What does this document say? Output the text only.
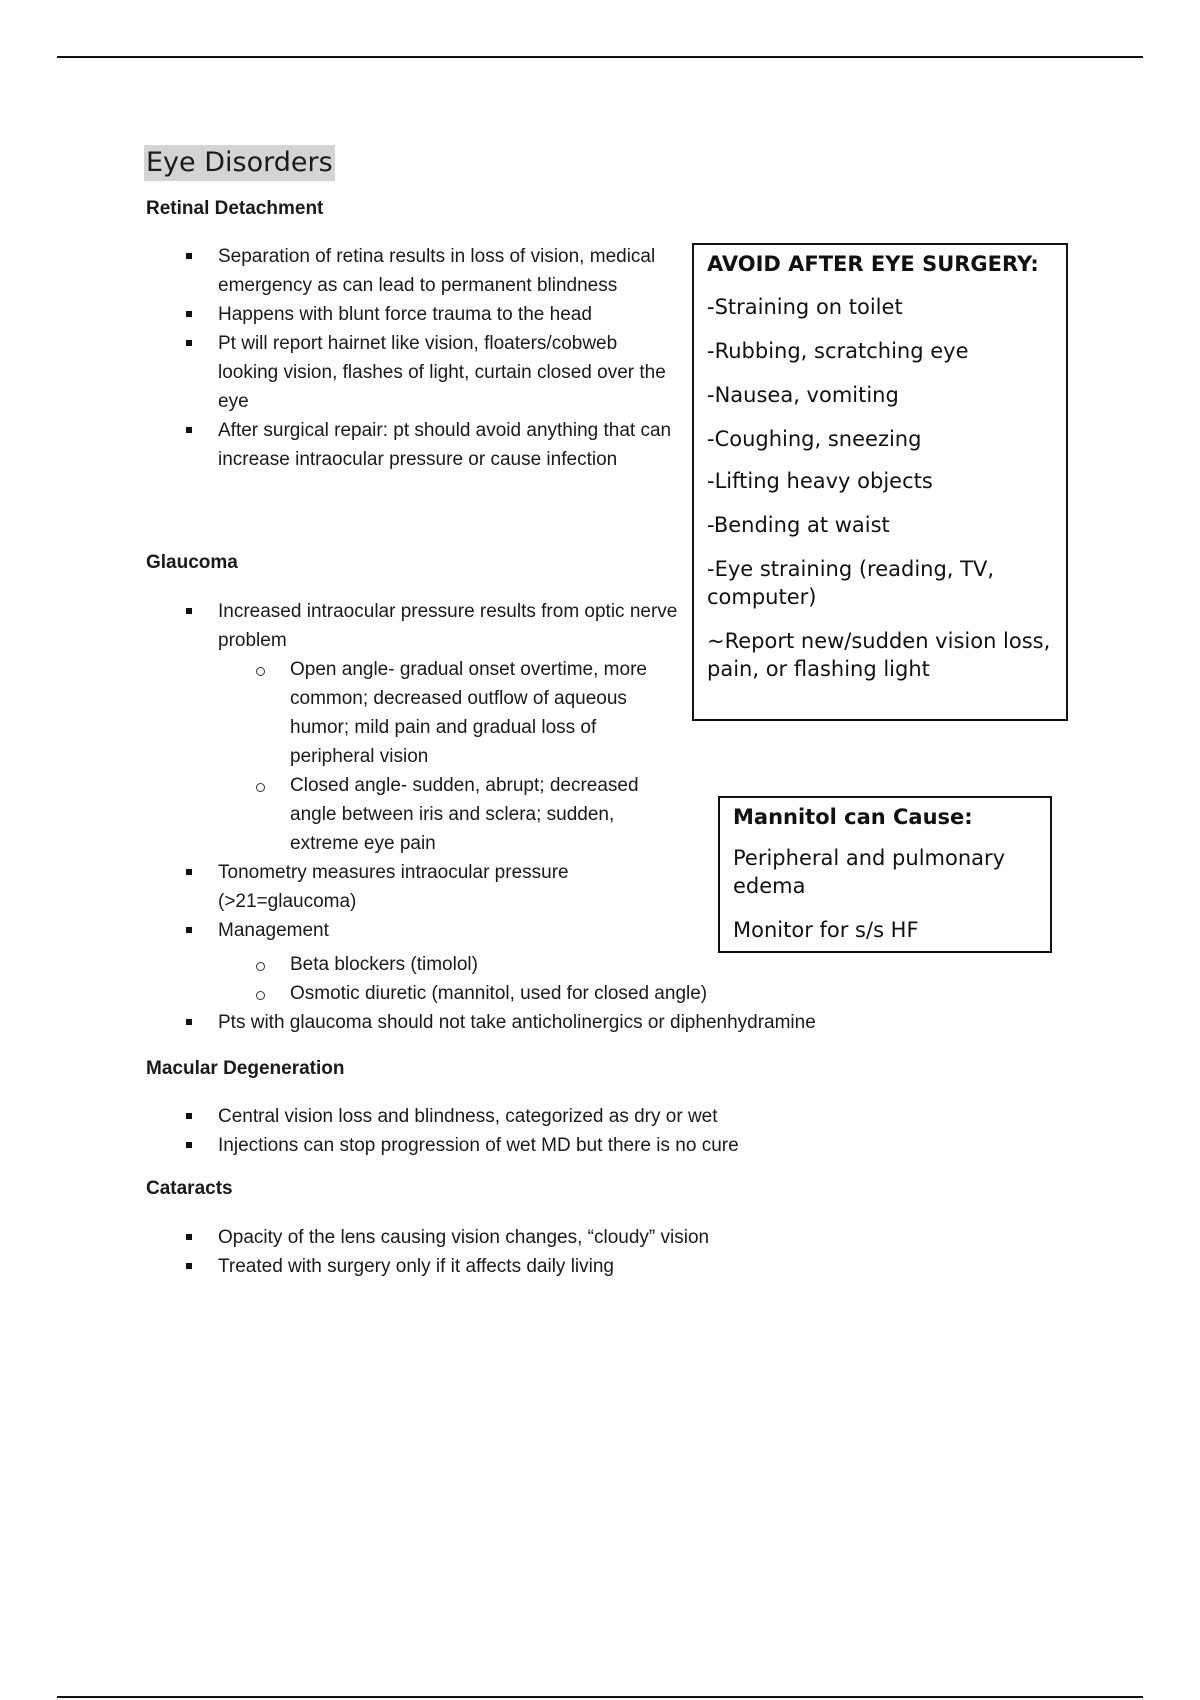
Eye Disorders
Retinal Detachment
Separation of retina results in loss of vision, medical emergency as can lead to permanent blindness
Happens with blunt force trauma to the head
Pt will report hairnet like vision, floaters/cobweb looking vision, flashes of light, curtain closed over the eye
After surgical repair: pt should avoid anything that can increase intraocular pressure or cause infection
Glaucoma
Increased intraocular pressure results from optic nerve problem
Open angle- gradual onset overtime, more common; decreased outflow of aqueous humor; mild pain and gradual loss of peripheral vision
Closed angle- sudden, abrupt; decreased angle between iris and sclera; sudden, extreme eye pain
Tonometry measures intraocular pressure (>21=glaucoma)
Management
Beta blockers (timolol)
Osmotic diuretic (mannitol, used for closed angle)
Pts with glaucoma should not take anticholinergics or diphenhydramine
Macular Degeneration
Central vision loss and blindness, categorized as dry or wet
Injections can stop progression of wet MD but there is no cure
Cataracts
Opacity of the lens causing vision changes, “cloudy” vision
Treated with surgery only if it affects daily living
AVOID AFTER EYE SURGERY:

-Straining on toilet

-Rubbing, scratching eye

-Nausea, vomiting

-Coughing, sneezing

-Lifting heavy objects

-Bending at waist

-Eye straining (reading, TV, computer)

~Report new/sudden vision loss, pain, or flashing light

Mannitol can Cause:

Peripheral and pulmonary edema

Monitor for s/s HF
